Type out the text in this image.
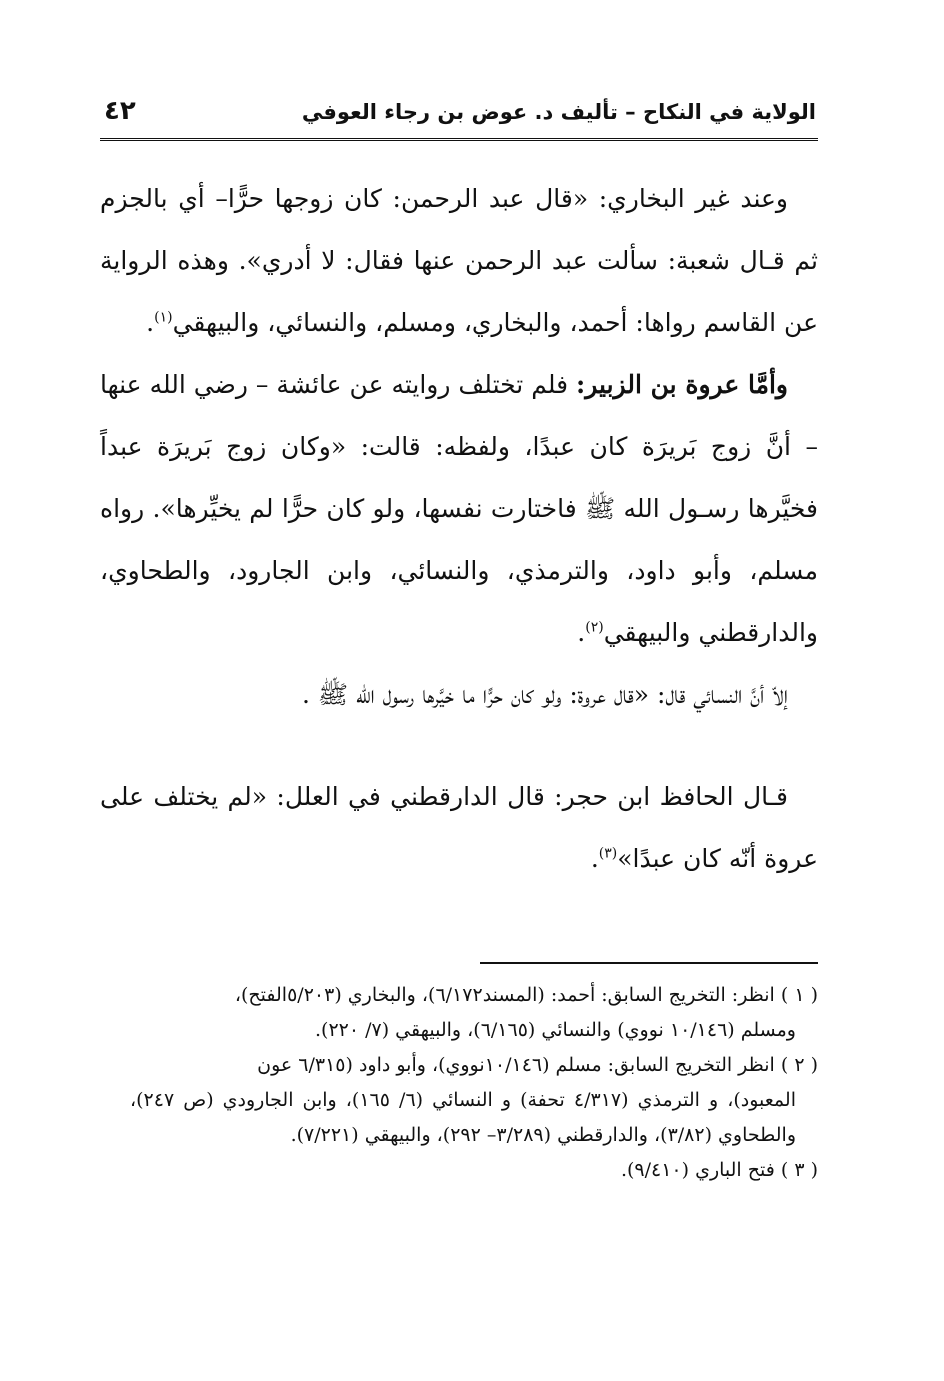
الولاية في النكاح – تأليف د. عوض بن رجاء العوفي
٤٢

وعند غير البخاري: «قال عبد الرحمن: كان زوجها حرًّا– أي بالجزم ثم قـال شعبة: سألت عبد الرحمن عنها فقال: لا أدري». وهذه الرواية عن القاسم رواها: أحمد، والبخاري، ومسلم، والنسائي، والبيهقي$^{(١)}$.

وأمَّا عروة بن الزبير: فلم تختلف روايته عن عائشة – رضي الله عنها – أنَّ زوج بَريرَة كان عبدًا، ولفظه: قالت: «وكان زوج بَريرَة عبداً فخيَّرها رسـول الله ﷺ فاختارت نفسها، ولو كان حرًّا لم يخيِّرها». رواه مسلم، وأبو داود، والترمذي، والنسائي، وابن الجارود، والطحاوي، والدارقطني والبيهقي$^{(٢)}$.

إلاّ أنَّ النسائي قال: «قال عروة: ولو كان حرًّا ما خيَّرها رسول الله ﷺ .

قـال الحافظ ابن حجر: قال الدارقطني في العلل: «لم يختلف على عروة أنّه كان عبدًا»$^{(٣)}$.

( ١ ) انظر: التخريج السابق: أحمد: (المسند٦/١٧٢)، والبخاري (٥/٢٠٣الفتح)،

ومسلم (١٠/١٤٦ نووي) والنسائي (٦/١٦٥)، والبيهقي (٧/ ٢٢٠).

( ٢ ) انظر التخريج السابق: مسلم (١٠/١٤٦نووي)، وأبو داود (٦/٣١٥ عون

المعبود)، و الترمذي (٤/٣١٧ تحفة) و النسائي (٦/ ١٦٥)، وابن الجارودي (ص ٢٤٧)، والطحاوي (٣/٨٢)، والدارقطني (٣/٢٨٩– ٢٩٢)، والبيهقي (٧/٢٢١).

( ٣ ) فتح الباري (٩/٤١٠).
